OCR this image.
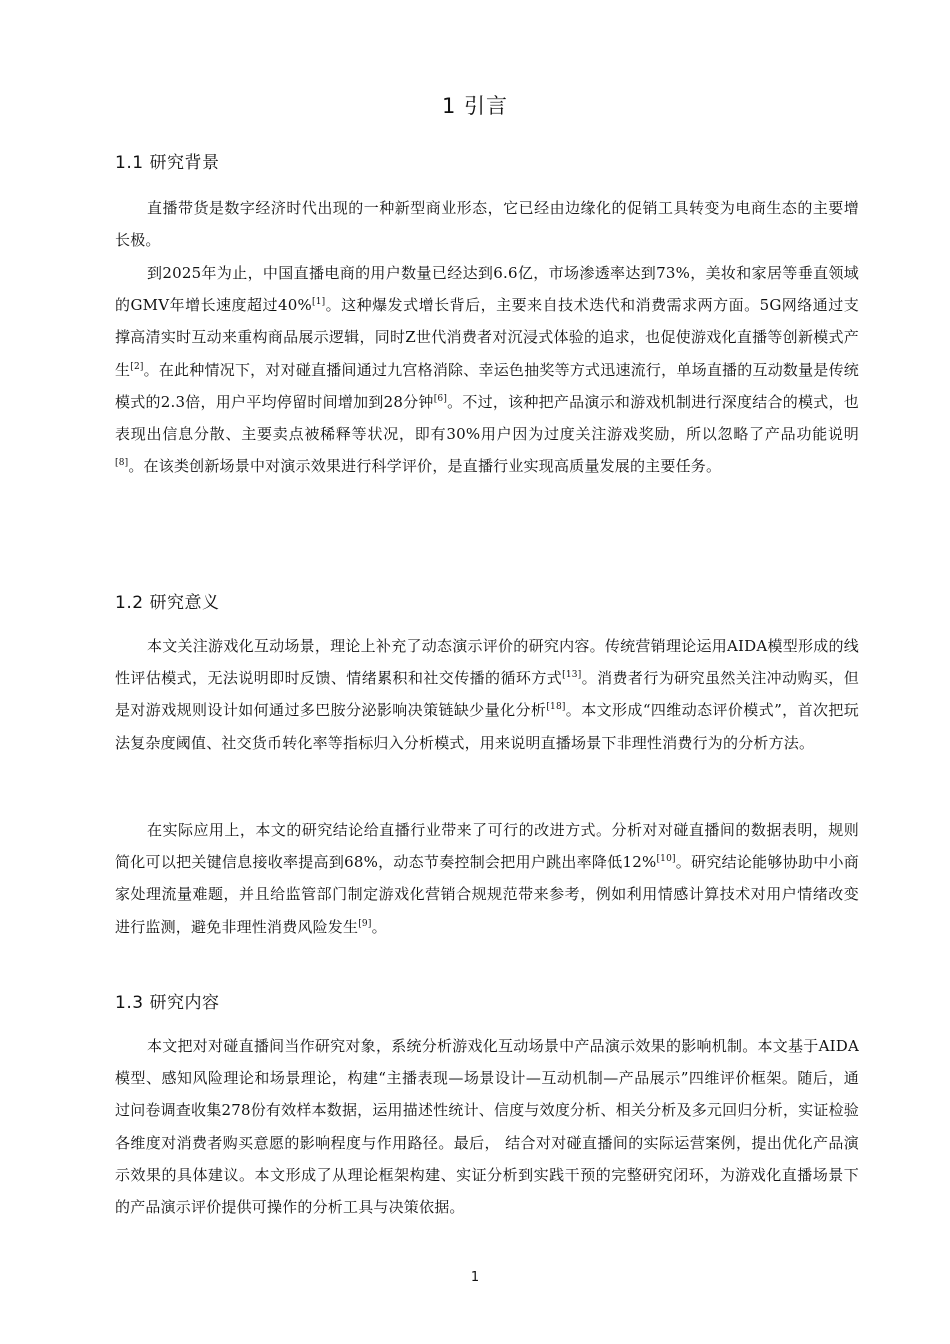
1 引言
1.1 研究背景

直播带货是数字经济时代出现的一种新型商业形态，它已经由边缘化的促销工具转变为电商生态的主要增长极。

到2025年为止，中国直播电商的用户数量已经达到6.6亿，市场渗透率达到73%，美妆和家居等垂直领域的GMV年增长速度超过40%[1]。这种爆发式增长背后，主要来自技术迭代和消费需求两方面。5G网络通过支撑高清实时互动来重构商品展示逻辑，同时Z世代消费者对沉浸式体验的追求，也促使游戏化直播等创新模式产生[2]。在此种情况下，对对碰直播间通过九宫格消除、幸运色抽奖等方式迅速流行，单场直播的互动数量是传统模式的2.3倍，用户平均停留时间增加到28分钟[6]。不过，该种把产品演示和游戏机制进行深度结合的模式，也表现出信息分散、主要卖点被稀释等状况，即有30%用户因为过度关注游戏奖励，所以忽略了产品功能说明[8]。在该类创新场景中对演示效果进行科学评价，是直播行业实现高质量发展的主要任务。

1.2 研究意义

本文关注游戏化互动场景，理论上补充了动态演示评价的研究内容。传统营销理论运用AIDA模型形成的线性评估模式，无法说明即时反馈、情绪累积和社交传播的循环方式[13]。消费者行为研究虽然关注冲动购买，但是对游戏规则设计如何通过多巴胺分泌影响决策链缺少量化分析[18]。本文形成“四维动态评价模式”，首次把玩法复杂度阈值、社交货币转化率等指标归入分析模式，用来说明直播场景下非理性消费行为的分析方法。

在实际应用上，本文的研究结论给直播行业带来了可行的改进方式。分析对对碰直播间的数据表明，规则简化可以把关键信息接收率提高到68%，动态节奏控制会把用户跳出率降低12%[10]。研究结论能够协助中小商家处理流量难题，并且给监管部门制定游戏化营销合规规范带来参考，例如利用情感计算技术对用户情绪改变进行监测，避免非理性消费风险发生[9]。

1.3 研究内容

本文把对对碰直播间当作研究对象，系统分析游戏化互动场景中产品演示效果的影响机制。本文基于AIDA模型、感知风险理论和场景理论，构建“主播表现—场景设计—互动机制—产品展示”四维评价框架。随后，通过问卷调查收集278份有效样本数据，运用描述性统计、信度与效度分析、相关分析及多元回归分析，实证检验各维度对消费者购买意愿的影响程度与作用路径。最后， 结合对对碰直播间的实际运营案例，提出优化产品演示效果的具体建议。本文形成了从理论框架构建、实证分析到实践干预的完整研究闭环，为游戏化直播场景下的产品演示评价提供可操作的分析工具与决策依据。

1
